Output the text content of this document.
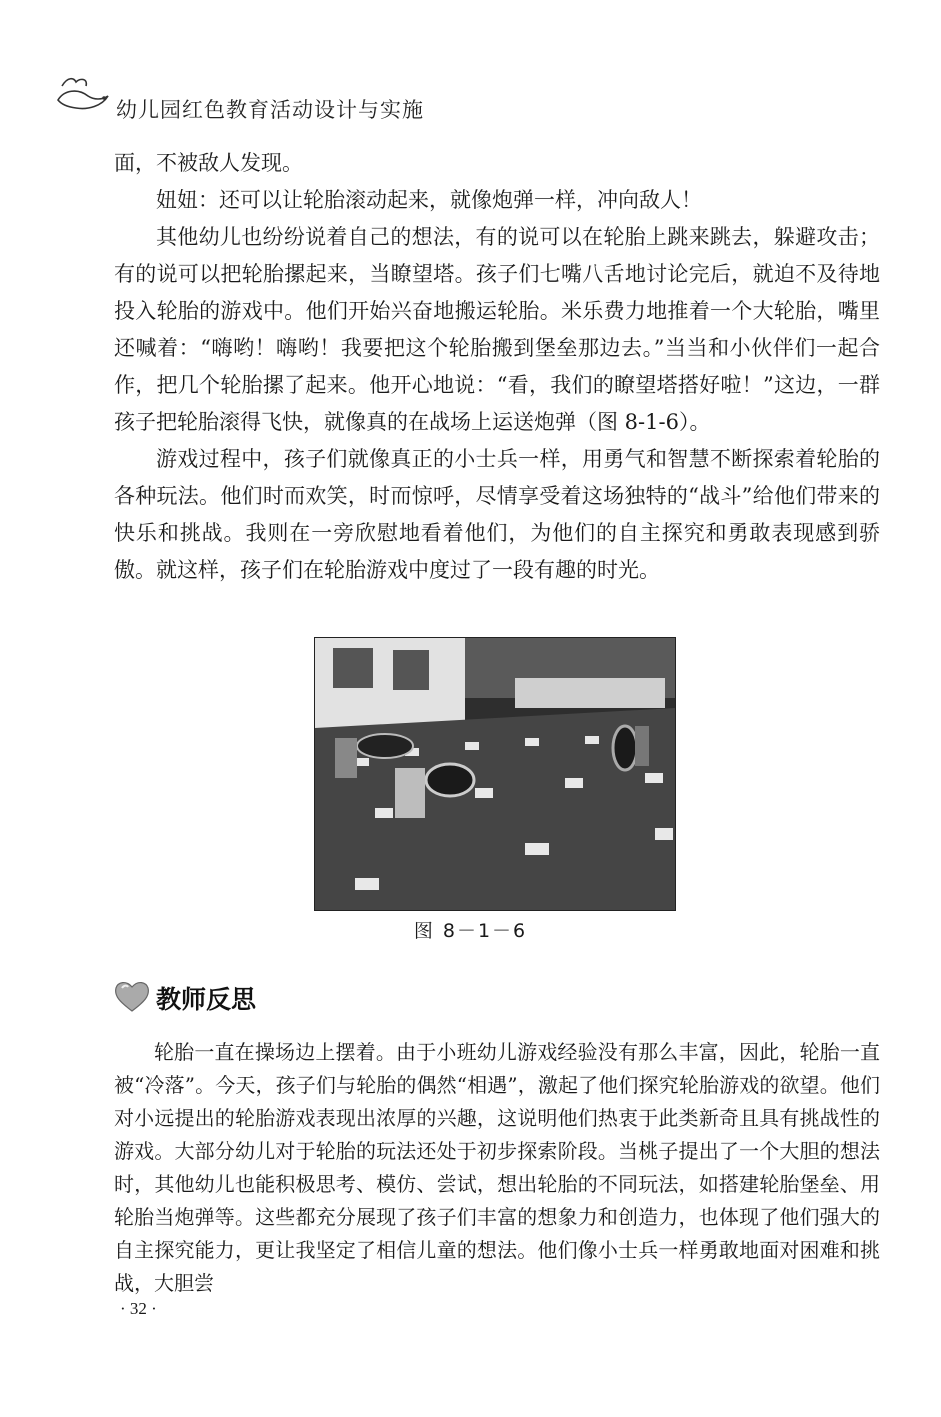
幼儿园红色教育活动设计与实施

面，不被敌人发现。

妞妞：还可以让轮胎滚动起来，就像炮弹一样，冲向敌人！

其他幼儿也纷纷说着自己的想法，有的说可以在轮胎上跳来跳去，躲避攻击；有的说可以把轮胎摞起来，当瞭望塔。孩子们七嘴八舌地讨论完后，就迫不及待地投入轮胎的游戏中。他们开始兴奋地搬运轮胎。米乐费力地推着一个大轮胎，嘴里还喊着：“嗨哟！嗨哟！我要把这个轮胎搬到堡垒那边去。”当当和小伙伴们一起合作，把几个轮胎摞了起来。他开心地说：“看，我们的瞭望塔搭好啦！”这边，一群孩子把轮胎滚得飞快，就像真的在战场上运送炮弹（图 8-1-6）。

游戏过程中，孩子们就像真正的小士兵一样，用勇气和智慧不断探索着轮胎的各种玩法。他们时而欢笑，时而惊呼，尽情享受着这场独特的“战斗”给他们带来的快乐和挑战。我则在一旁欣慰地看着他们，为他们的自主探究和勇敢表现感到骄傲。就这样，孩子们在轮胎游戏中度过了一段有趣的时光。

图 8－1－6
教师反思

轮胎一直在操场边上摆着。由于小班幼儿游戏经验没有那么丰富，因此，轮胎一直被“冷落”。今天，孩子们与轮胎的偶然“相遇”，激起了他们探究轮胎游戏的欲望。他们对小远提出的轮胎游戏表现出浓厚的兴趣，这说明他们热衷于此类新奇且具有挑战性的游戏。大部分幼儿对于轮胎的玩法还处于初步探索阶段。当桃子提出了一个大胆的想法时，其他幼儿也能积极思考、模仿、尝试，想出轮胎的不同玩法，如搭建轮胎堡垒、用轮胎当炮弹等。这些都充分展现了孩子们丰富的想象力和创造力，也体现了他们强大的自主探究能力，更让我坚定了相信儿童的想法。他们像小士兵一样勇敢地面对困难和挑战，大胆尝

· 32 ·
